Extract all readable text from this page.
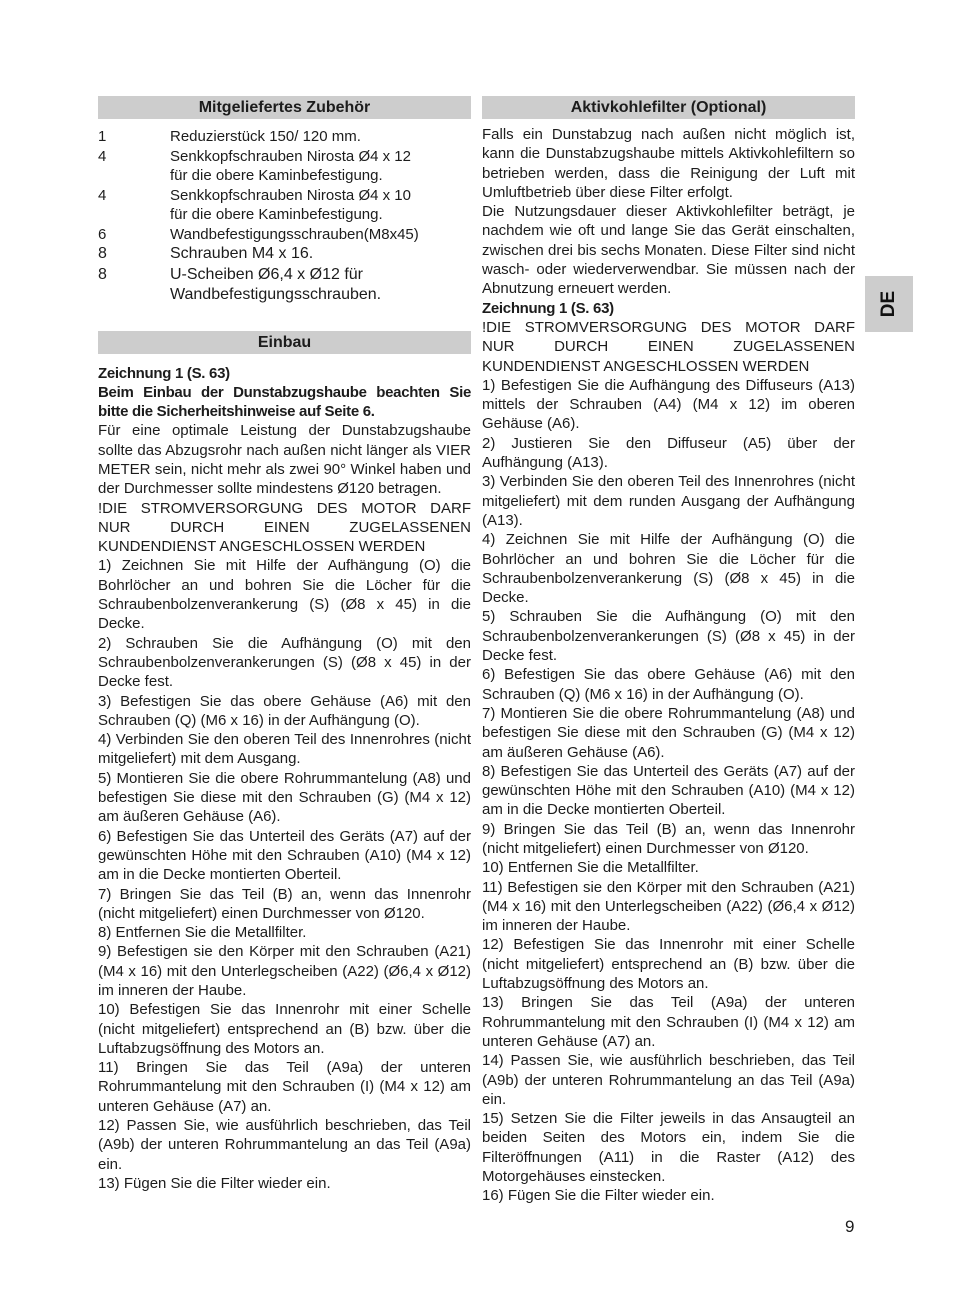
Mitgeliefertes Zubehör
1	Reduzierstück 150/ 120 mm.
4	Senkkopfschrauben Nirosta Ø4 x 12
für die obere Kaminbefestigung.
4	Senkkopfschrauben Nirosta Ø4 x 10
für die obere Kaminbefestigung.
6	Wandbefestigungsschrauben(M8x45)
8	Schrauben M4 x 16.
8	U-Scheiben Ø6,4 x Ø12 für
Wandbefestigungsschrauben.
Einbau

Zeichnung 1 (S. 63)

Beim Einbau der Dunstabzugshaube beachten Sie bitte die Sicherheitshinweise auf Seite 6.

Für eine optimale Leistung der Dunstabzugshaube sollte das Abzugsrohr nach außen nicht länger als VIER METER sein, nicht mehr als zwei 90° Winkel haben und der Durchmesser sollte mindestens Ø120 betragen.

!DIE STROMVERSORGUNG DES MOTOR DARF
NUR DURCH EINEN ZUGELASSENEN
KUNDENDIENST ANGESCHLOSSEN WERDEN

1) Zeichnen Sie mit Hilfe der Aufhängung (O) die Bohrlöcher an und bohren Sie die Löcher für die Schraubenbolzenverankerung (S) (Ø8 x 45) in die Decke.

2) Schrauben Sie die Aufhängung (O) mit den Schraubenbolzenverankerungen (S) (Ø8 x 45) in der Decke fest.

3) Befestigen Sie das obere Gehäuse (A6) mit den Schrauben (Q) (M6 x 16) in der Aufhängung (O).

4) Verbinden Sie den oberen Teil des Innenrohres (nicht mitgeliefert) mit dem Ausgang.

5) Montieren Sie die obere Rohrummantelung (A8) und befestigen Sie diese mit den Schrauben (G) (M4 x 12) am äußeren Gehäuse (A6).

6) Befestigen Sie das Unterteil des Geräts (A7) auf der gewünschten Höhe mit den Schrauben (A10) (M4 x 12) am in die Decke montierten Oberteil.

7) Bringen Sie das Teil (B) an, wenn das Innenrohr (nicht mitgeliefert) einen Durchmesser von Ø120.

8) Entfernen Sie die Metallfilter.

9) Befestigen sie den Körper mit den Schrauben (A21) (M4 x 16) mit den Unterlegscheiben (A22) (Ø6,4 x Ø12) im inneren der Haube.

10) Befestigen Sie das Innenrohr mit einer Schelle (nicht mitgeliefert) entsprechend an (B) bzw. über die Luftabzugsöffnung des Motors an.

11) Bringen Sie das Teil (A9a) der unteren Rohrummantelung mit den Schrauben (I) (M4 x 12) am unteren Gehäuse (A7) an.

12) Passen Sie, wie ausführlich beschrieben, das Teil (A9b) der unteren Rohrummantelung an das Teil (A9a) ein.

13) Fügen Sie die Filter wieder ein.

Aktivkohlefilter (Optional)

Falls ein Dunstabzug nach außen nicht möglich ist, kann die Dunstabzugshaube mittels Aktivkohlefiltern so betrieben werden, dass die Reinigung der Luft mit Umluftbetrieb über diese Filter erfolgt.

Die Nutzungsdauer dieser Aktivkohlefilter beträgt, je nachdem wie oft und lange Sie das Gerät einschalten, zwischen drei bis sechs Monaten. Diese Filter sind nicht wasch- oder wiederverwendbar. Sie müssen nach der Abnutzung erneuert werden.

Zeichnung 1 (S. 63)

!DIE STROMVERSORGUNG DES MOTOR DARF
NUR DURCH EINEN ZUGELASSENEN
KUNDENDIENST ANGESCHLOSSEN WERDEN

1) Befestigen Sie die Aufhängung des Diffuseurs (A13) mittels der Schrauben (A4) (M4 x 12) im oberen Gehäuse (A6).

2) Justieren Sie den Diffuseur (A5) über der Aufhängung (A13).

3) Verbinden Sie den oberen Teil des Innenrohres (nicht mitgeliefert) mit dem runden Ausgang der Aufhängung (A13).

4) Zeichnen Sie mit Hilfe der Aufhängung (O) die Bohrlöcher an und bohren Sie die Löcher für die Schraubenbolzenverankerung (S) (Ø8 x 45) in die Decke.

5) Schrauben Sie die Aufhängung (O) mit den Schraubenbolzenverankerungen (S) (Ø8 x 45) in der Decke fest.

6) Befestigen Sie das obere Gehäuse (A6) mit den Schrauben (Q) (M6 x 16) in der Aufhängung (O).

7) Montieren Sie die obere Rohrummantelung (A8) und befestigen Sie diese mit den Schrauben (G) (M4 x 12) am äußeren Gehäuse (A6).

8) Befestigen Sie das Unterteil des Geräts (A7) auf der gewünschten Höhe mit den Schrauben (A10) (M4 x 12) am in die Decke montierten Oberteil.

9) Bringen Sie das Teil (B) an, wenn das Innenrohr (nicht mitgeliefert) einen Durchmesser von Ø120.

10) Entfernen Sie die Metallfilter.

11) Befestigen sie den Körper mit den Schrauben (A21) (M4 x 16) mit den Unterlegscheiben (A22) (Ø6,4 x Ø12) im inneren der Haube.

12) Befestigen Sie das Innenrohr mit einer Schelle (nicht mitgeliefert) entsprechend an (B) bzw. über die Luftabzugsöffnung des Motors an.

13) Bringen Sie das Teil (A9a) der unteren Rohrummantelung mit den Schrauben (I) (M4 x 12) am unteren Gehäuse (A7) an.

14) Passen Sie, wie ausführlich beschrieben, das Teil (A9b) der unteren Rohrummantelung an das Teil (A9a) ein.

15) Setzen Sie die Filter jeweils in das Ansaugteil an beiden Seiten des Motors ein, indem Sie die Filteröffnungen (A11) in die Raster (A12) des Motorgehäuses einstecken.

16) Fügen Sie die Filter wieder ein.

DE
9
